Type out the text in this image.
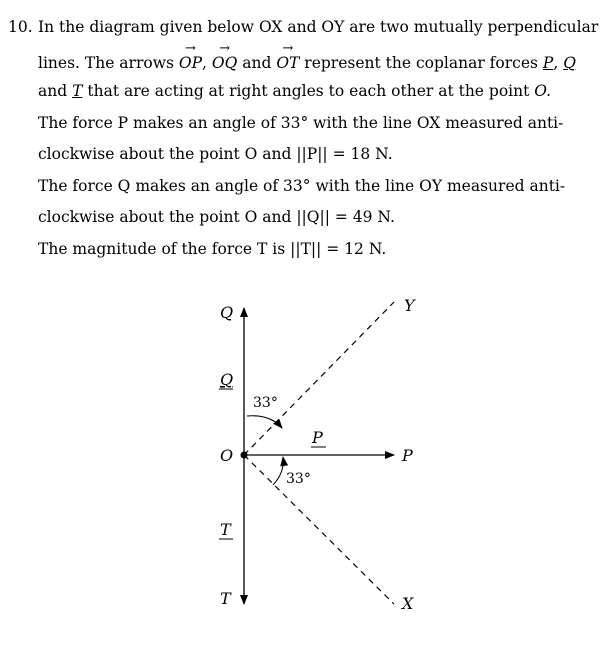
10. In the diagram given below OX and OY are two mutually perpendicular
lines. The arrows OP →, OQ → and OT → represent the coplanar forces P, Q
and T that are acting at right angles to each other at the point O.
The force P makes an angle of 33° with the line OX measured anti-
clockwise about the point O and ||P|| = 18 N.
The force Q makes an angle of 33° with the line OY measured anti-
clockwise about the point O and ||Q|| = 49 N.
The magnitude of the force T is ||T|| = 12 N.
Q
Q
O
T
T
P
P
Y
X
33°
33°
